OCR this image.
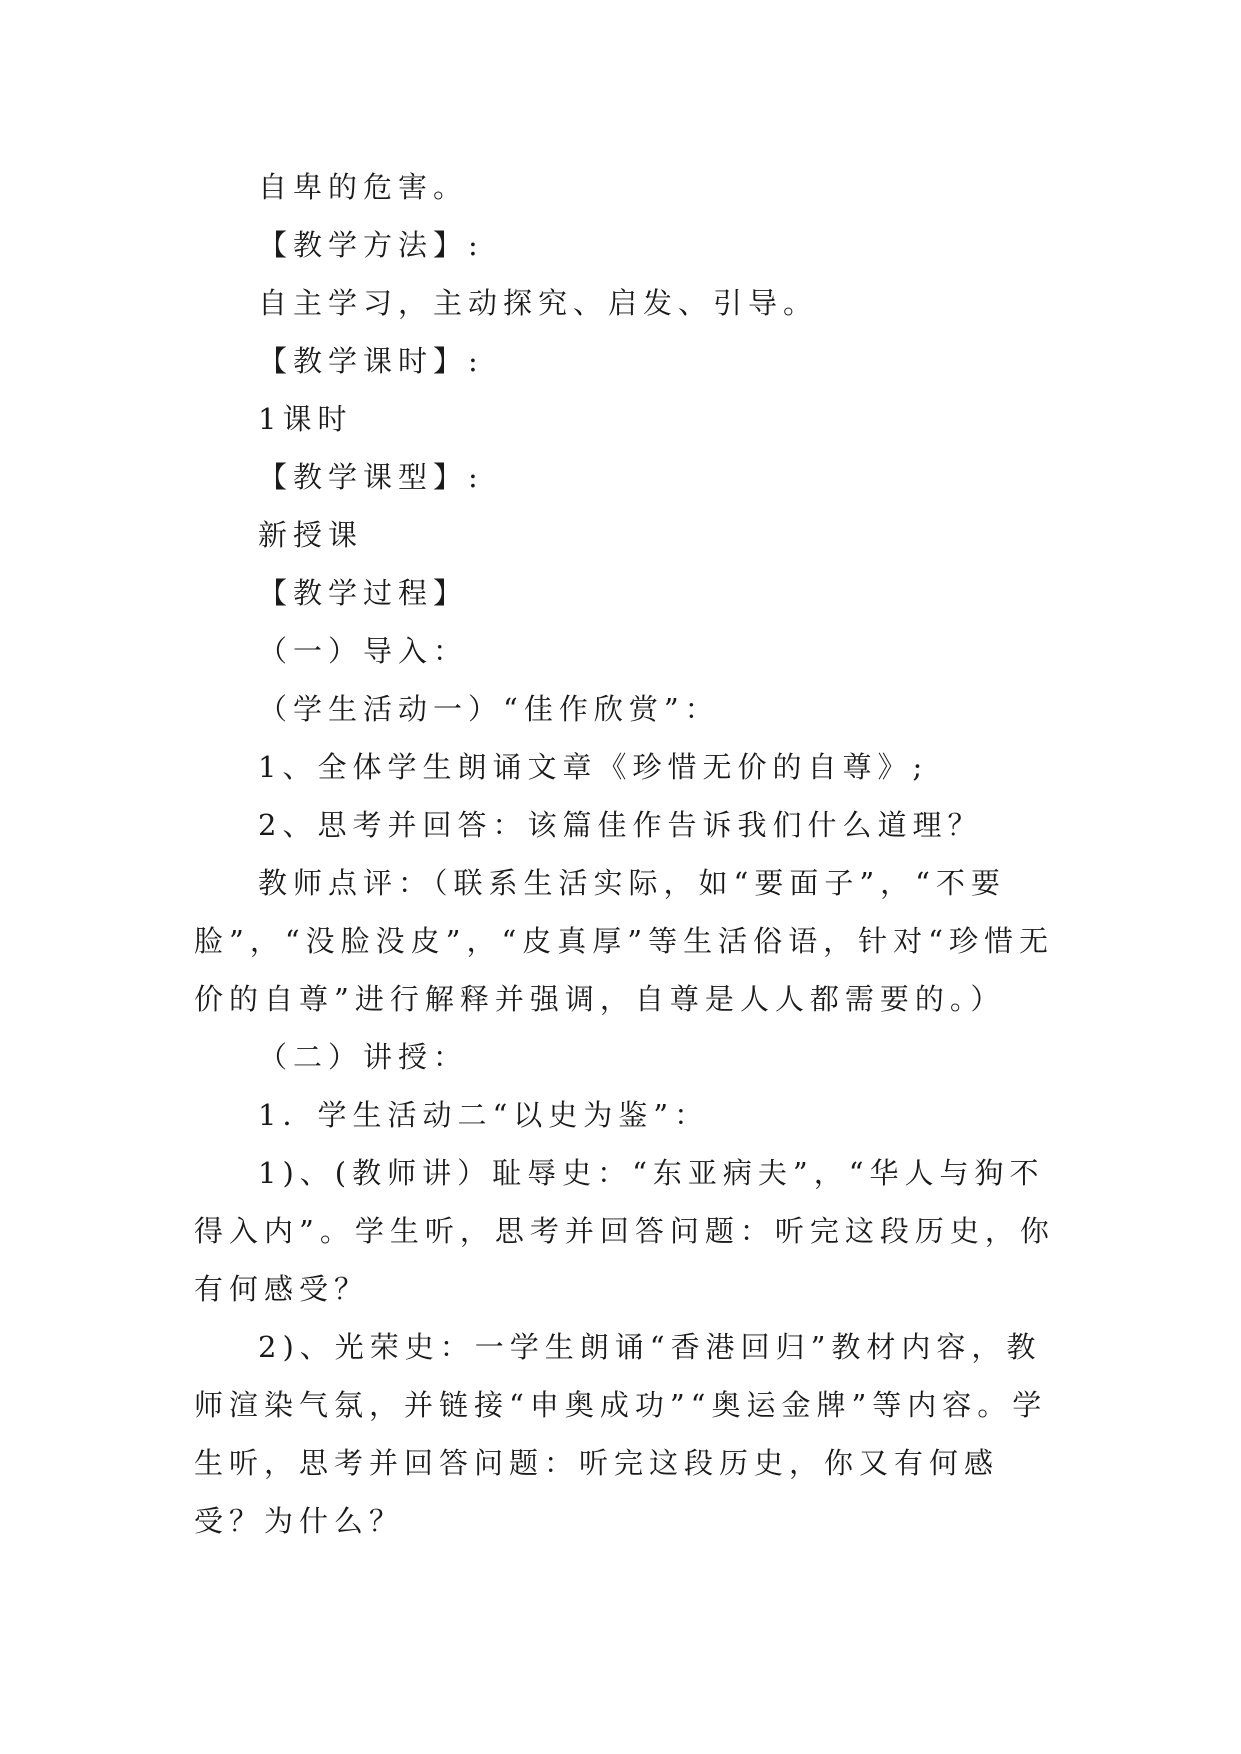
自卑的危害。

【教学方法】:

自主学习，主动探究、启发、引导。

【教学课时】:

1课时

【教学课型】:

新授课

【教学过程】

（一）导入：

（学生活动一）“佳作欣赏”：

1、全体学生朗诵文章《珍惜无价的自尊》;

2、思考并回答：该篇佳作告诉我们什么道理？

教师点评：（联系生活实际，如“要面子”，“不要脸”，“没脸没皮”，“皮真厚”等生活俗语，针对“珍惜无价的自尊”进行解释并强调，自尊是人人都需要的。）

（二）讲授：

1．学生活动二“以史为鉴”：

1)、(教师讲）耻辱史：“东亚病夫”，“华人与狗不得入内”。学生听，思考并回答问题：听完这段历史，你有何感受？

2)、光荣史：一学生朗诵“香港回归”教材内容，教师渲染气氛，并链接“申奥成功”“奥运金牌”等内容。学生听，思考并回答问题：听完这段历史，你又有何感受？为什么？
